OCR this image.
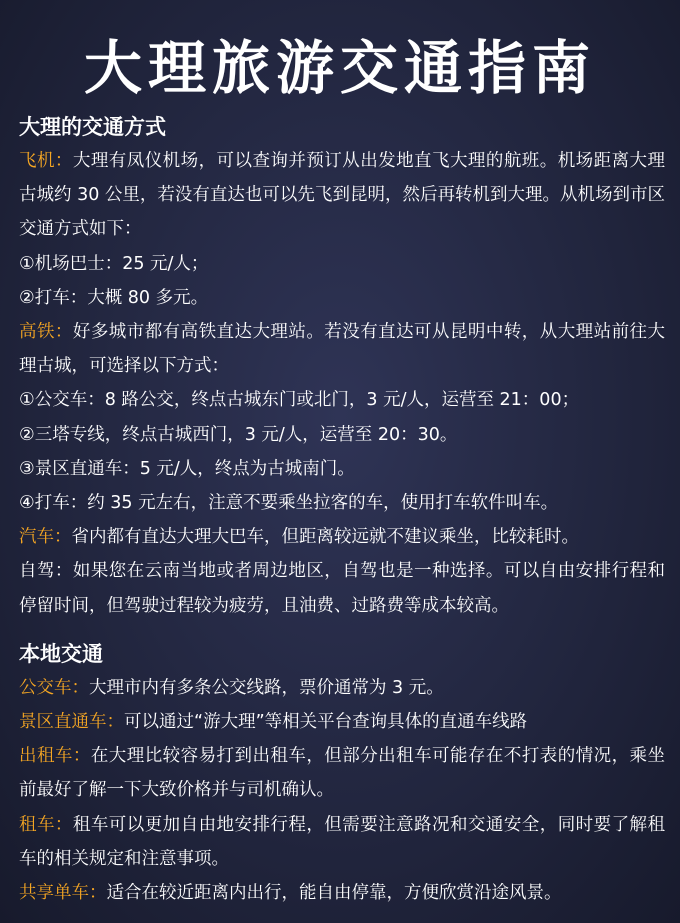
大理旅游交通指南
大理的交通方式

飞机：大理有凤仪机场，可以查询并预订从出发地直飞大理的航班。机场距离大理古城约 30 公里，若没有直达也可以先飞到昆明，然后再转机到大理。从机场到市区交通方式如下：

①机场巴士：25 元/人；

②打车：大概 80 多元。

高铁：好多城市都有高铁直达大理站。若没有直达可从昆明中转，从大理站前往大理古城，可选择以下方式：

①公交车：8 路公交，终点古城东门或北门，3 元/人，运营至 21：00；

②三塔专线，终点古城西门，3 元/人，运营至 20：30。

③景区直通车：5 元/人，终点为古城南门。

④打车：约 35 元左右，注意不要乘坐拉客的车，使用打车软件叫车。

汽车：省内都有直达大理大巴车，但距离较远就不建议乘坐，比较耗时。

自驾：如果您在云南当地或者周边地区，自驾也是一种选择。可以自由安排行程和停留时间，但驾驶过程较为疲劳，且油费、过路费等成本较高。

本地交通

公交车：大理市内有多条公交线路，票价通常为 3 元。

景区直通车：可以通过“游大理”等相关平台查询具体的直通车线路

出租车：在大理比较容易打到出租车，但部分出租车可能存在不打表的情况，乘坐前最好了解一下大致价格并与司机确认。

租车：租车可以更加自由地安排行程，但需要注意路况和交通安全，同时要了解租车的相关规定和注意事项。

共享单车：适合在较近距离内出行，能自由停靠，方便欣赏沿途风景。
